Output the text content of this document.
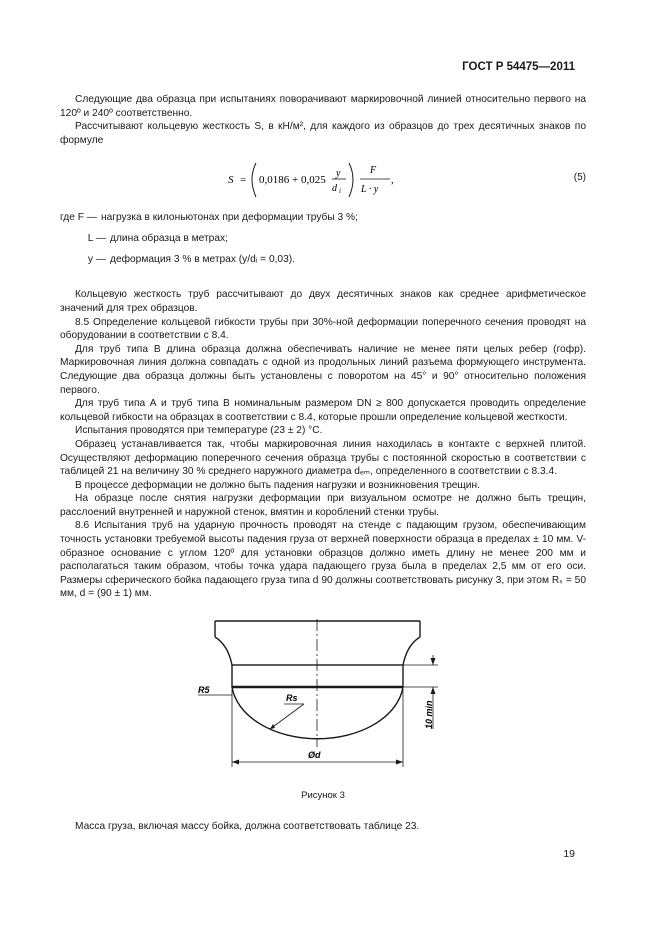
ГОСТ Р 54475—2011

Следующие два образца при испытаниях поворачивают маркировочной линией относительно первого на 120º и 240º соответственно.

Рассчитывают кольцевую жесткость S, в кН/м², для каждого из образцов до трех десятичных знаков по формуле

S = 0,0186 + 0,025
y
d i
F
L · y
,	(5)
где F — нагрузка в килоньютонах при деформации трубы 3 %;
L — длина образца в метрах;
y — деформация 3 % в метрах (y/dᵢ = 0,03).

Кольцевую жесткость труб рассчитывают до двух десятичных знаков как среднее арифметическое значений для трех образцов.

8.5 Определение кольцевой гибкости трубы при 30%-ной деформации поперечного сечения проводят на оборудовании в соответствии с 8.4.

Для труб типа В длина образца должна обеспечивать наличие не менее пяти целых ребер (гофр). Маркировочная линия должна совпадать с одной из продольных линий разъема формующего инструмента. Следующие два образца должны быть установлены с поворотом на 45° и 90° относительно положения первого.

Для труб типа А и труб типа В номинальным размером DN ≥ 800 допускается проводить определение кольцевой гибкости на образцах в соответствии с 8.4, которые прошли определение кольцевой жесткости.

Испытания проводятся при температуре (23 ± 2) °С.

Образец устанавливается так, чтобы маркировочная линия находилась в контакте с верхней плитой. Осуществляют деформацию поперечного сечения образца трубы с постоянной скоростью в соответствии с таблицей 21 на величину 30 % среднего наружного диаметра dₑₘ, определенного в соответствии с 8.3.4.

В процессе деформации не должно быть падения нагрузки и возникновения трещин.

На образце после снятия нагрузки деформации при визуальном осмотре не должно быть трещин, расслоений внутренней и наружной стенок, вмятин и короблений стенки трубы.

8.6 Испытания труб на ударную прочность проводят на стенде с падающим грузом, обеспечивающим точность установки требуемой высоты падения груза от верхней поверхности образца в пределах ± 10 мм. V-образное основание с углом 120º для установки образцов должно иметь длину не менее 200 мм и располагаться таким образом, чтобы точка удара падающего груза была в пределах 2,5 мм от его оси. Размеры сферического бойка падающего груза типа d 90 должны соответствовать рисунку 3, при этом Rₛ = 50 мм, d = (90 ± 1) мм.

R5
Rs
10 min
Ød
Рисунок 3

Масса груза, включая массу бойка, должна соответствовать таблице 23.

19
